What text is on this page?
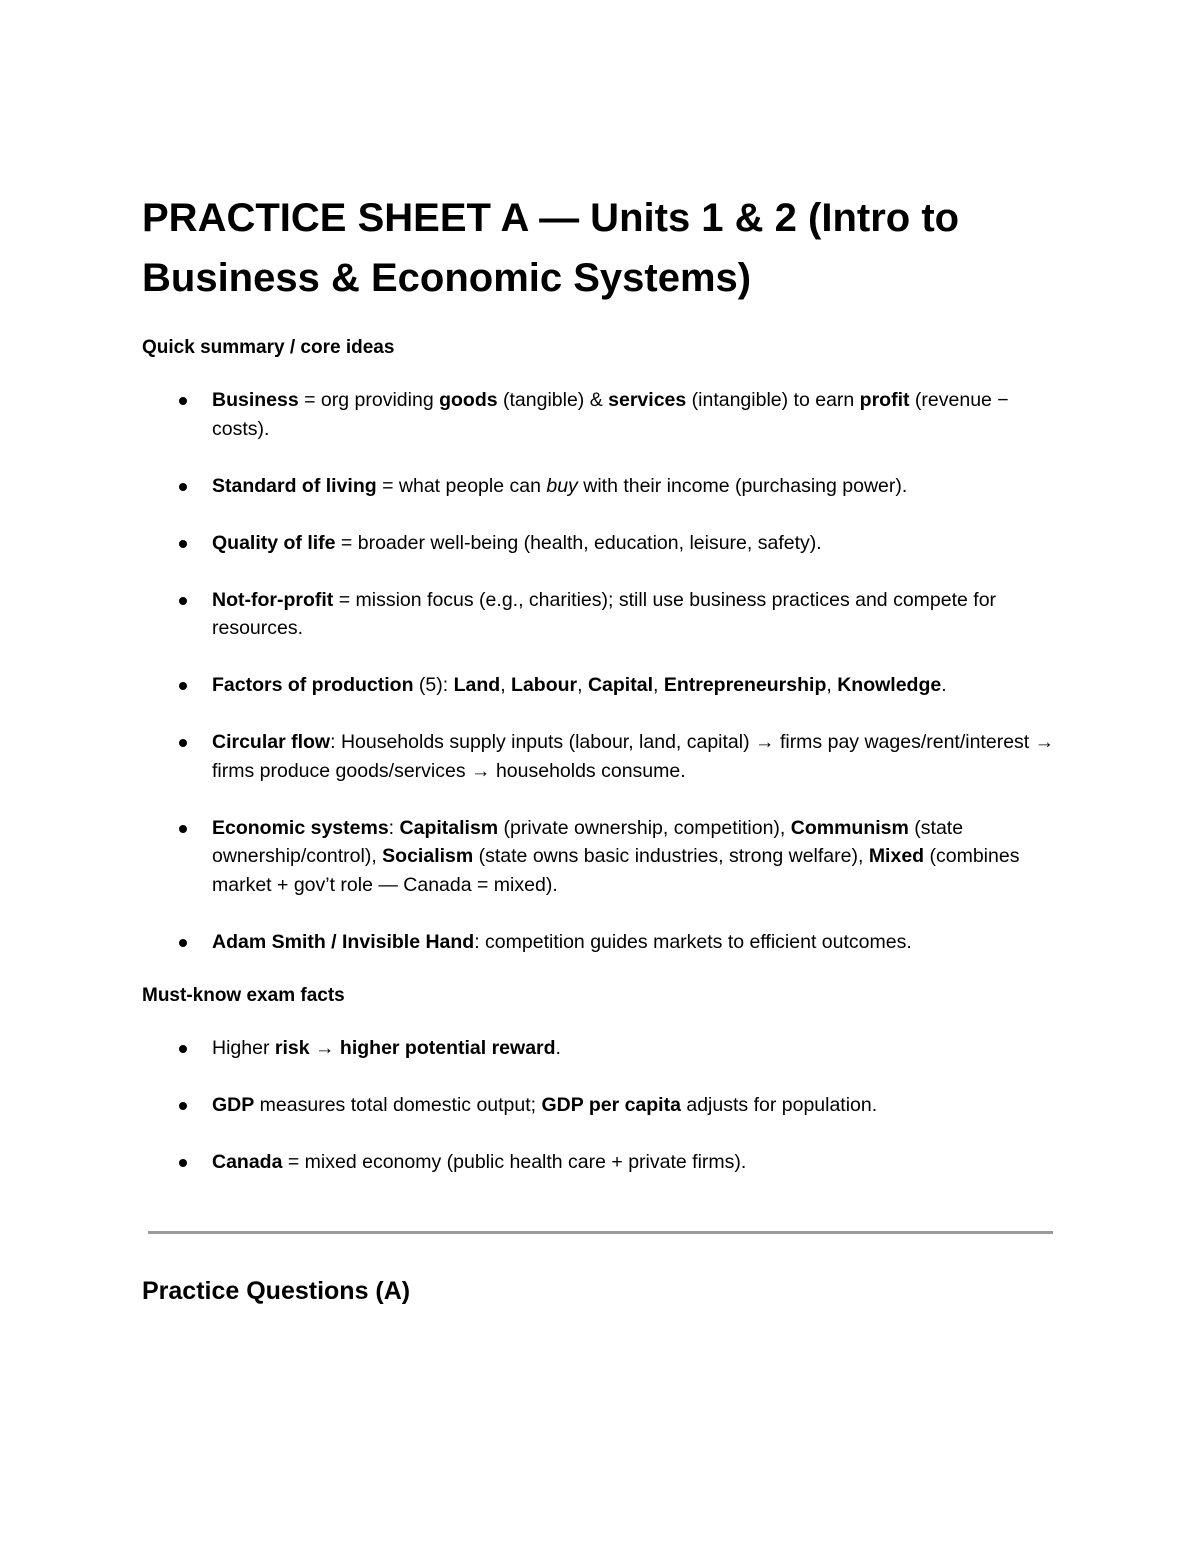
PRACTICE SHEET A — Units 1 & 2 (Intro to Business & Economic Systems)
Quick summary / core ideas
Business = org providing goods (tangible) & services (intangible) to earn profit (revenue − costs).
Standard of living = what people can buy with their income (purchasing power).
Quality of life = broader well-being (health, education, leisure, safety).
Not-for-profit = mission focus (e.g., charities); still use business practices and compete for resources.
Factors of production (5): Land, Labour, Capital, Entrepreneurship, Knowledge.
Circular flow: Households supply inputs (labour, land, capital) → firms pay wages/rent/interest → firms produce goods/services → households consume.
Economic systems: Capitalism (private ownership, competition), Communism (state ownership/control), Socialism (state owns basic industries, strong welfare), Mixed (combines market + gov’t role — Canada = mixed).
Adam Smith / Invisible Hand: competition guides markets to efficient outcomes.
Must-know exam facts
Higher risk → higher potential reward.
GDP measures total domestic output; GDP per capita adjusts for population.
Canada = mixed economy (public health care + private firms).
Practice Questions (A)
